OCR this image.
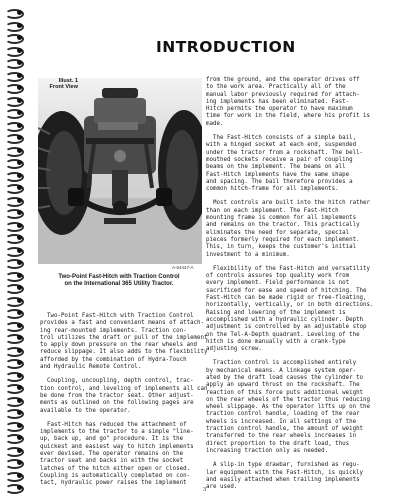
INTRODUCTION
Illust. 1
Front View
A-54447-A
Two-Point Fast-Hitch with Traction Control
on the International 365 Utility Tractor.
Two-Point Fast-Hitch with Traction Control
provides a fast and convenient means of attach-
ing rear-mounted implements. Traction con-
trol utilizes the draft or pull of the implement
to apply down pressure on the rear wheels and
reduce slippage. It also adds to the flexibility
afforded by the combination of Hydra-Touch
and Hydraulic Remote Control.
Coupling, uncoupling, depth control, trac-
tion control, and leveling of implements all can
be done from the tractor seat. Other adjust-
ments as outlined on the following pages are
available to the operator.
Fast-Hitch has reduced the attachment of
implements to the tractor to a simple "line-
up, back up, and go" procedure. It is the
quickest and easiest way to hitch implements
ever devised. The operator remains on the
tractor seat and backs in with the socket
latches of the hitch either open or closed.
Coupling is automatically completed on con-
tact, hydraulic power raises the implement
from the ground, and the operator drives off
to the work area. Practically all of the
manual labor previously required for attach-
ing implements has been eliminated. Fast-
Hitch permits the operator to have maximum
time for work in the field, where his profit is
made.
The Fast-Hitch consists of a simple bail,
with a hinged socket at each end, suspended
under the tractor from a rockshaft. The bell-
mouthed sockets receive a pair of coupling
beams on the implement. The beams on all
Fast-Hitch implements have the same shape
and spacing. The bail therefore provides a
common hitch-frame for all implements.
Most controls are built into the hitch rather
than on each implement. The Fast-Hitch
mounting frame is common for all implements
and remains on the tractor. This practically
eliminates the need for separate, special
pieces formerly required for each implement.
This, in turn, keeps the customer's initial
investment to a minimum.
Flexibility of the Fast-Hitch and versatility
of controls assures top quality work from
every implement. Field performance is not
sacrificed for ease and speed of hitching. The
Fast-Hitch can be made rigid or free-floating,
horizontally, vertically, or in both directions.
Raising and lowering of the implement is
accomplished with a hydraulic cylinder. Depth
adjustment is controlled by an adjustable stop
on the Tel-A-Depth quadrant. Leveling of the
hitch is done manually with a crank-type
adjusting screw.
Traction control is accomplished entirely
by mechanical means. A linkage system oper-
ated by the draft load causes the cylinder to
apply an upward thrust on the rockshaft. The
reaction of this force puts additional weight
on the rear wheels of the tractor thus reducing
wheel slippage. As the operator lifts up on the
traction control handle, loading of the rear
wheels is increased. In all settings of the
traction control handle, the amount of weight
transferred to the rear wheels increases in
direct proportion to the draft load, thus
increasing traction only as needed.
A slip-in type drawbar, furnished as regu-
lar equipment with the Fast-Hitch, is quickly
and easily attached when trailing implements
are used.
3
